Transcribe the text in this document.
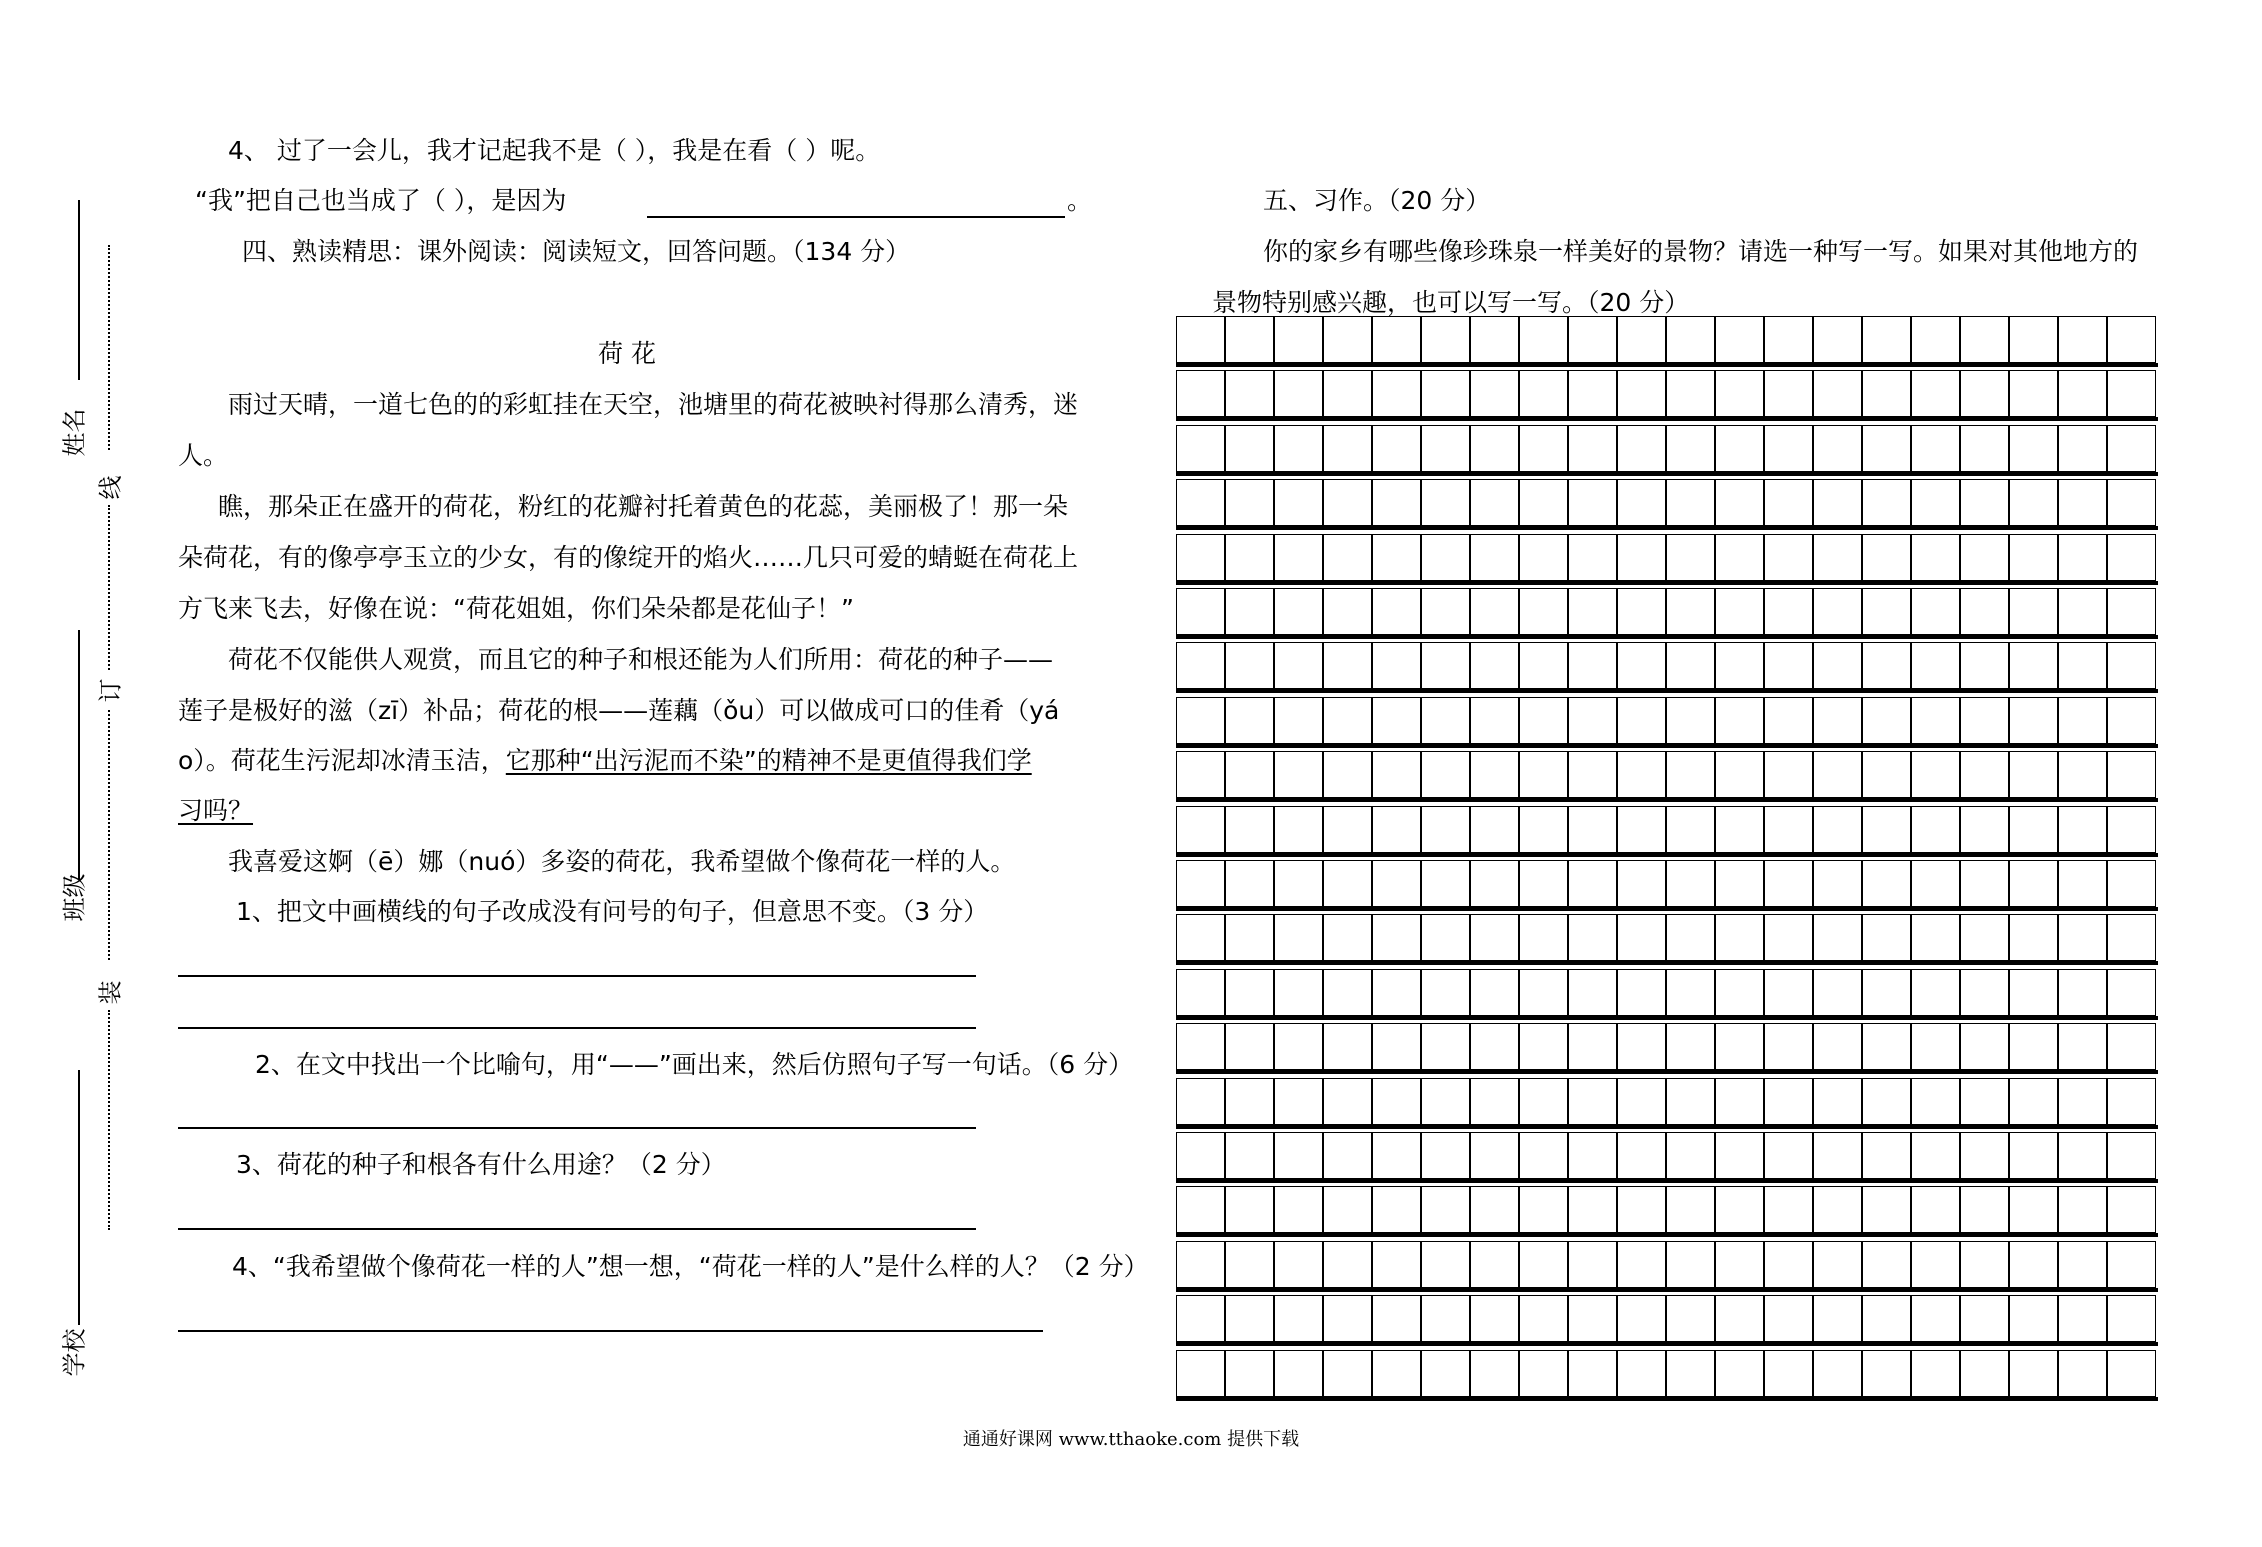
姓名
班级
学校
线
订
装
4、 过了一会儿，我才记起我不是（ ），我是在看（ ）呢。
“我”把自己也当成了（ ），是因为	。
四、熟读精思：课外阅读：阅读短文，回答问题。（134 分）
荷 花
雨过天晴，一道七色的的彩虹挂在天空，池塘里的荷花被映衬得那么清秀，迷
人。
瞧，那朵正在盛开的荷花，粉红的花瓣衬托着黄色的花蕊，美丽极了！那一朵
朵荷花，有的像亭亭玉立的少女，有的像绽开的焰火……几只可爱的蜻蜓在荷花上
方飞来飞去，好像在说：“荷花姐姐，你们朵朵都是花仙子！”
荷花不仅能供人观赏，而且它的种子和根还能为人们所用：荷花的种子——
莲子是极好的滋（zī）补品；荷花的根——莲藕（ǒu）可以做成可口的佳肴（yá
o）。荷花生污泥却冰清玉洁，它那种“出污泥而不染”的精神不是更值得我们学
习吗？
我喜爱这婀（ē）娜（nuó）多姿的荷花，我希望做个像荷花一样的人。
1、把文中画横线的句子改成没有问号的句子，但意思不变。（3 分）
2、在文中找出一个比喻句，用“——”画出来，然后仿照句子写一句话。（6 分）
3、荷花的种子和根各有什么用途？（2 分）
4、“我希望做个像荷花一样的人”想一想，“荷花一样的人”是什么样的人？（2 分）
五、习作。（20 分）
你的家乡有哪些像珍珠泉一样美好的景物？请选一种写一写。如果对其他地方的
景物特别感兴趣，也可以写一写。（20 分）
通通好课网 www.tthaoke.com 提供下载
